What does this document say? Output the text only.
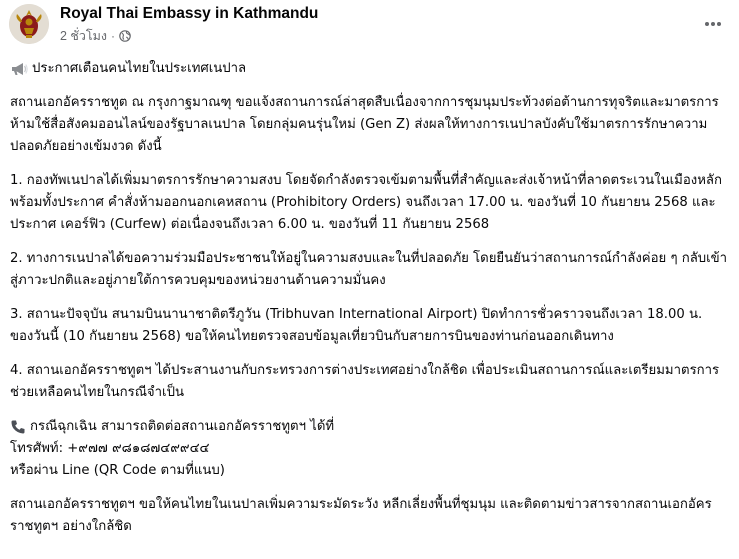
Royal Thai Embassy in Kathmandu
2 ชั่วโมง ·

ประกาศเตือนคนไทยในประเทศเนปาล

สถานเอกอัครราชทูต ณ กรุงกาฐมาณฑุ ขอแจ้งสถานการณ์ล่าสุดสืบเนื่องจากการชุมนุมประท้วงต่อต้านการทุจริตและมาตรการห้ามใช้สื่อสังคมออนไลน์ของรัฐบาลเนปาล โดยกลุ่มคนรุ่นใหม่ (Gen Z) ส่งผลให้ทางการเนปาลบังคับใช้มาตรการรักษาความปลอดภัยอย่างเข้มงวด ดังนี้

1. กองทัพเนปาลได้เพิ่มมาตรการรักษาความสงบ โดยจัดกำลังตรวจเข้มตามพื้นที่สำคัญและส่งเจ้าหน้าที่ลาดตระเวนในเมืองหลัก พร้อมทั้งประกาศ คำสั่งห้ามออกนอกเคหสถาน (Prohibitory Orders) จนถึงเวลา 17.00 น. ของวันที่ 10 กันยายน 2568 และประกาศ เคอร์ฟิว (Curfew) ต่อเนื่องจนถึงเวลา 6.00 น. ของวันที่ 11 กันยายน 2568

2. ทางการเนปาลได้ขอความร่วมมือประชาชนให้อยู่ในความสงบและในที่ปลอดภัย โดยยืนยันว่าสถานการณ์กำลังค่อย ๆ กลับเข้าสู่ภาวะปกติและอยู่ภายใต้การควบคุมของหน่วยงานด้านความมั่นคง

3. สถานะปัจจุบัน สนามบินนานาชาติตรีภูวัน (Tribhuvan International Airport) ปิดทำการชั่วคราวจนถึงเวลา 18.00 น. ของวันนี้ (10 กันยายน 2568) ขอให้คนไทยตรวจสอบข้อมูลเที่ยวบินกับสายการบินของท่านก่อนออกเดินทาง

4. สถานเอกอัครราชทูตฯ ได้ประสานงานกับกระทรวงการต่างประเทศอย่างใกล้ชิด เพื่อประเมินสถานการณ์และเตรียมมาตรการช่วยเหลือคนไทยในกรณีจำเป็น

กรณีฉุกเฉิน สามารถติดต่อสถานเอกอัครราชทูตฯ ได้ที่
โทรศัพท์: +๙๗๗ ๙๘๑๘๗๔๙๙๔๔
หรือผ่าน Line (QR Code ตามที่แนบ)

สถานเอกอัครราชทูตฯ ขอให้คนไทยในเนปาลเพิ่มความระมัดระวัง หลีกเลี่ยงพื้นที่ชุมนุม และติดตามข่าวสารจากสถานเอกอัครราชทูตฯ อย่างใกล้ชิด
